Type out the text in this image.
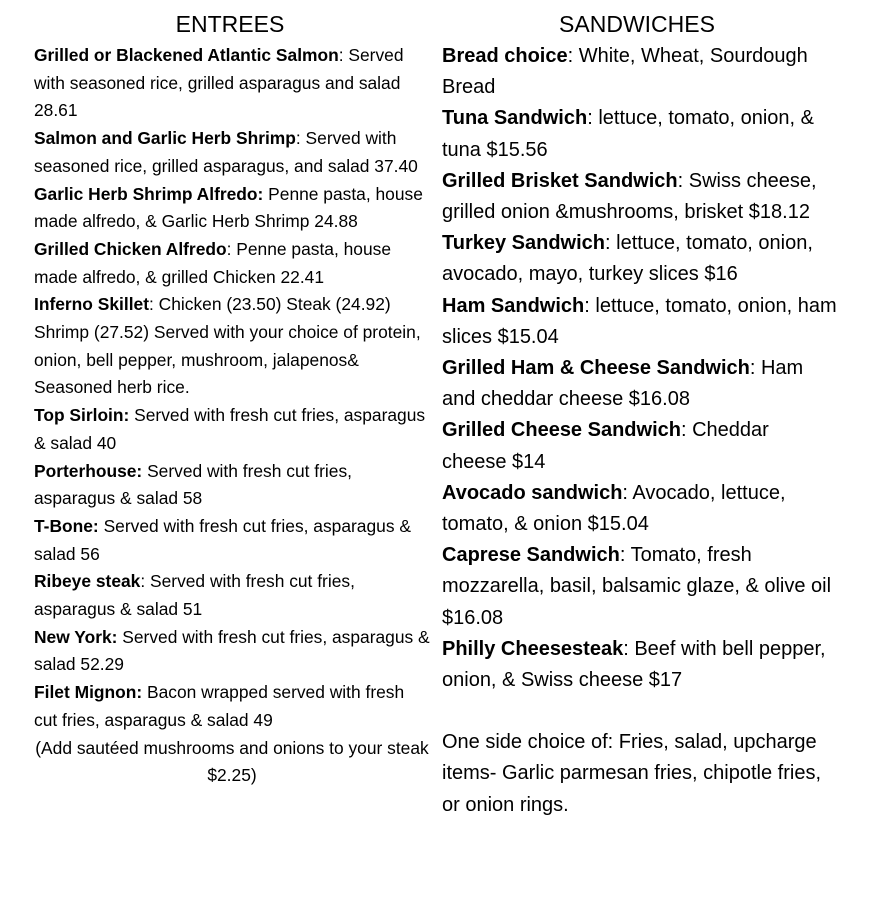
ENTREES
Grilled or Blackened Atlantic Salmon: Served with seasoned rice, grilled asparagus and salad 28.61
Salmon and Garlic Herb Shrimp: Served with seasoned rice, grilled asparagus, and salad 37.40
Garlic Herb Shrimp Alfredo: Penne pasta, house made alfredo, & Garlic Herb Shrimp 24.88
Grilled Chicken Alfredo: Penne pasta, house made alfredo, & grilled Chicken 22.41
Inferno Skillet: Chicken (23.50) Steak (24.92) Shrimp (27.52) Served with your choice of protein, onion, bell pepper, mushroom, jalapenos& Seasoned herb rice.
Top Sirloin: Served with fresh cut fries, asparagus & salad 40
Porterhouse: Served with fresh cut fries, asparagus & salad 58
T-Bone: Served with fresh cut fries, asparagus & salad 56
Ribeye steak: Served with fresh cut fries, asparagus & salad 51
New York: Served with fresh cut fries, asparagus & salad 52.29
Filet Mignon: Bacon wrapped served with fresh cut fries, asparagus & salad 49
(Add sautéed mushrooms and onions to your steak $2.25)
SANDWICHES
Bread choice: White, Wheat, Sourdough Bread
Tuna Sandwich: lettuce, tomato, onion, & tuna $15.56
Grilled Brisket Sandwich: Swiss cheese, grilled onion &mushrooms, brisket $18.12
Turkey Sandwich: lettuce, tomato, onion, avocado, mayo, turkey slices $16
Ham Sandwich: lettuce, tomato, onion, ham slices $15.04
Grilled Ham & Cheese Sandwich: Ham and cheddar cheese $16.08
Grilled Cheese Sandwich: Cheddar cheese $14
Avocado sandwich: Avocado, lettuce, tomato, & onion $15.04
Caprese Sandwich: Tomato, fresh mozzarella, basil, balsamic glaze, & olive oil $16.08
Philly Cheesesteak: Beef with bell pepper, onion, & Swiss cheese $17
One side choice of: Fries, salad, upcharge items- Garlic parmesan fries, chipotle fries, or onion rings.
